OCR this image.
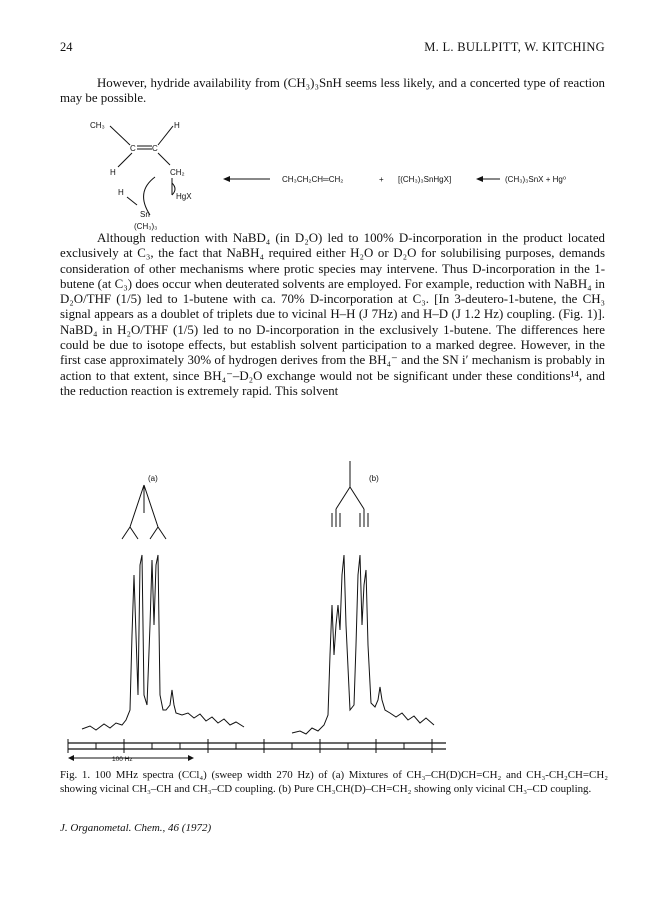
24	M. L. BULLPITT, W. KITCHING

However, hydride availability from (CH₃)₃SnH seems less likely, and a concerted type of reaction may be possible.

CH₃	H
C C
H	CH₂
H	HgX
Sn
(CH₃)₃
CH₃CH₂CH═CH₂	+ [(CH₃)₃SnHgX]	(CH₃)₃SnX + Hg⁰

Although reduction with NaBD₄ (in D₂O) led to 100% D-incorporation in the product located exclusively at C₃, the fact that NaBH₄ required either H₂O or D₂O for solubilising purposes, demands consideration of other mechanisms where protic species may intervene. Thus D-incorporation in the 1-butene (at C₃) does occur when deuterated solvents are employed. For example, reduction with NaBH₄ in D₂O/THF (1/5) led to 1-butene with ca. 70% D-incorporation at C₃. [In 3-deutero-1-butene, the CH₃ signal appears as a doublet of triplets due to vicinal H–H (J 7Hz) and H–D (J 1.2 Hz) coupling. (Fig. 1)]. NaBD₄ in H₂O/THF (1/5) led to no D-incorporation in the exclusively 1-butene. The differences here could be due to isotope effects, but establish solvent participation to a marked degree. However, in the first case approximately 30% of hydrogen derives from the BH₄⁻ and the SN i′ mechanism is probably in action to that extent, since BH₄⁻–D₂O exchange would not be significant under these conditions¹⁴, and the reduction reaction is extremely rapid. This solvent

(a)	(b)
100 Hz
Fig. 1. 100 MHz spectra (CCl₄) (sweep width 270 Hz) of (a) Mixtures of CH₃–CH(D)CH=CH₂ and CH₃-CH₂CH=CH₂ showing vicinal CH₃–CH and CH₃–CD coupling. (b) Pure CH₃CH(D)–CH=CH₂ showing only vicinal CH₃–CD coupling.
J. Organometal. Chem., 46 (1972)
